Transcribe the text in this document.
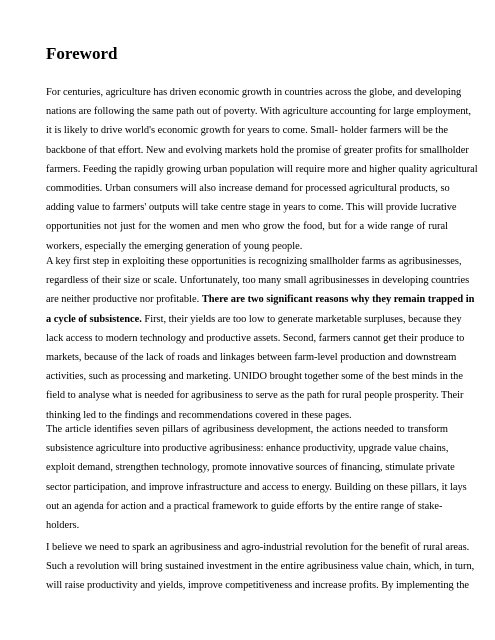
Foreword

For centuries, agriculture has driven economic growth in countries across the globe, and developing
nations are following the same path out of poverty. With agriculture accounting for large employment,
it is likely to drive world's economic growth for years to come. Small- holder farmers will be the
backbone of that effort. New and evolving markets hold the promise of greater profits for smallholder
farmers. Feeding the rapidly growing urban population will require more and higher quality agricultural
commodities. Urban consumers will also increase demand for processed agricultural products, so
adding value to farmers' outputs will take centre stage in years to come. This will provide lucrative
opportunities not just for the women and men who grow the food, but for a wide range of rural
workers, especially the emerging generation of young people.

A key first step in exploiting these opportunities is recognizing smallholder farms as agribusinesses,
regardless of their size or scale. Unfortunately, too many small agribusinesses in developing countries
are neither productive nor profitable. There are two significant reasons why they remain trapped in
a cycle of subsistence. First, their yields are too low to generate marketable surpluses, because they
lack access to modern technology and productive assets. Second, farmers cannot get their produce to
markets, because of the lack of roads and linkages between farm-level production and downstream
activities, such as processing and marketing. UNIDO brought together some of the best minds in the
field to analyse what is needed for agribusiness to serve as the path for rural people prosperity. Their
thinking led to the findings and recommendations covered in these pages.

The article identifies seven pillars of agribusiness development, the actions needed to transform
subsistence agriculture into productive agribusiness: enhance productivity, upgrade value chains,
exploit demand, strengthen technology, promote innovative sources of financing, stimulate private
sector participation, and improve infrastructure and access to energy. Building on these pillars, it lays
out an agenda for action and a practical framework to guide efforts by the entire range of stake-
holders.

I believe we need to spark an agribusiness and agro-industrial revolution for the benefit of rural areas.
Such a revolution will bring sustained investment in the entire agribusiness value chain, which, in turn,
will raise productivity and yields, improve competitiveness and increase profits. By implementing the
